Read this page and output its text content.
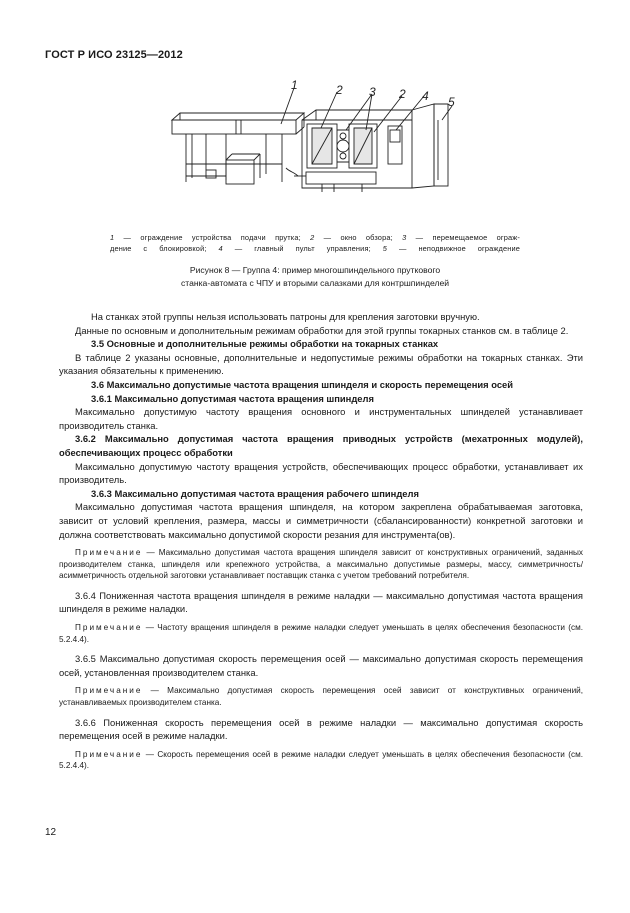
ГОСТ Р ИСО 23125—2012
1	2 3 2 4 5
1 — ограждение устройства подачи прутка; 2 — окно обзора; 3 — перемещаемое ограж-
дение с блокировкой; 4 — главный пульт управления; 5 — неподвижное ограждение
Рисунок 8 — Группа 4: пример многошпиндельного пруткового
станка-автомата с ЧПУ и вторыми салазками для контршпинделей

На станках этой группы нельзя использовать патроны для крепления заготовки вручную.

Данные по основным и дополнительным режимам обработки для этой группы токарных станков см. в таблице 2.

3.5 Основные и дополнительные режимы обработки на токарных станках

В таблице 2 указаны основные, дополнительные и недопустимые режимы обработки на токарных станках. Эти указания обязательны к применению.

3.6 Максимально допустимые частота вращения шпинделя и скорость перемещения осей

3.6.1 Максимально допустимая частота вращения шпинделя

Максимально допустимую частоту вращения основного и инструментальных шпинделей устанавливает производитель станка.

3.6.2 Максимально допустимая частота вращения приводных устройств (мехатронных модулей), обеспечивающих процесс обработки

Максимально допустимую частоту вращения устройств, обеспечивающих процесс обработки, устанавливает их производитель.

3.6.3 Максимально допустимая частота вращения рабочего шпинделя

Максимально допустимая частота вращения шпинделя, на котором закреплена обрабатываемая заготовка, зависит от условий крепления, размера, массы и симметричности (сбалансированности) конкретной заготовки и должна соответствовать максимально допустимой скорости резания для инструмента(ов).

Примечание — Максимально допустимая частота вращения шпинделя зависит от конструктивных ограничений, заданных производителем станка, шпинделя или крепежного устройства, а максимально допустимые размеры, массу, симметричность/асимметричность отдельной заготовки устанавливает поставщик станка с учетом требований потребителя.

3.6.4 Пониженная частота вращения шпинделя в режиме наладки — максимально допустимая частота вращения шпинделя в режиме наладки.

Примечание — Частоту вращения шпинделя в режиме наладки следует уменьшать в целях обеспечения безопасности (см. 5.2.4.4).

3.6.5 Максимально допустимая скорость перемещения осей — максимально допустимая скорость перемещения осей, установленная производителем станка.

Примечание — Максимально допустимая скорость перемещения осей зависит от конструктивных ограничений, устанавливаемых производителем станка.

3.6.6 Пониженная скорость перемещения осей в режиме наладки — максимально допустимая скорость перемещения осей в режиме наладки.

Примечание — Скорость перемещения осей в режиме наладки следует уменьшать в целях обеспечения безопасности (см. 5.2.4.4).

12
